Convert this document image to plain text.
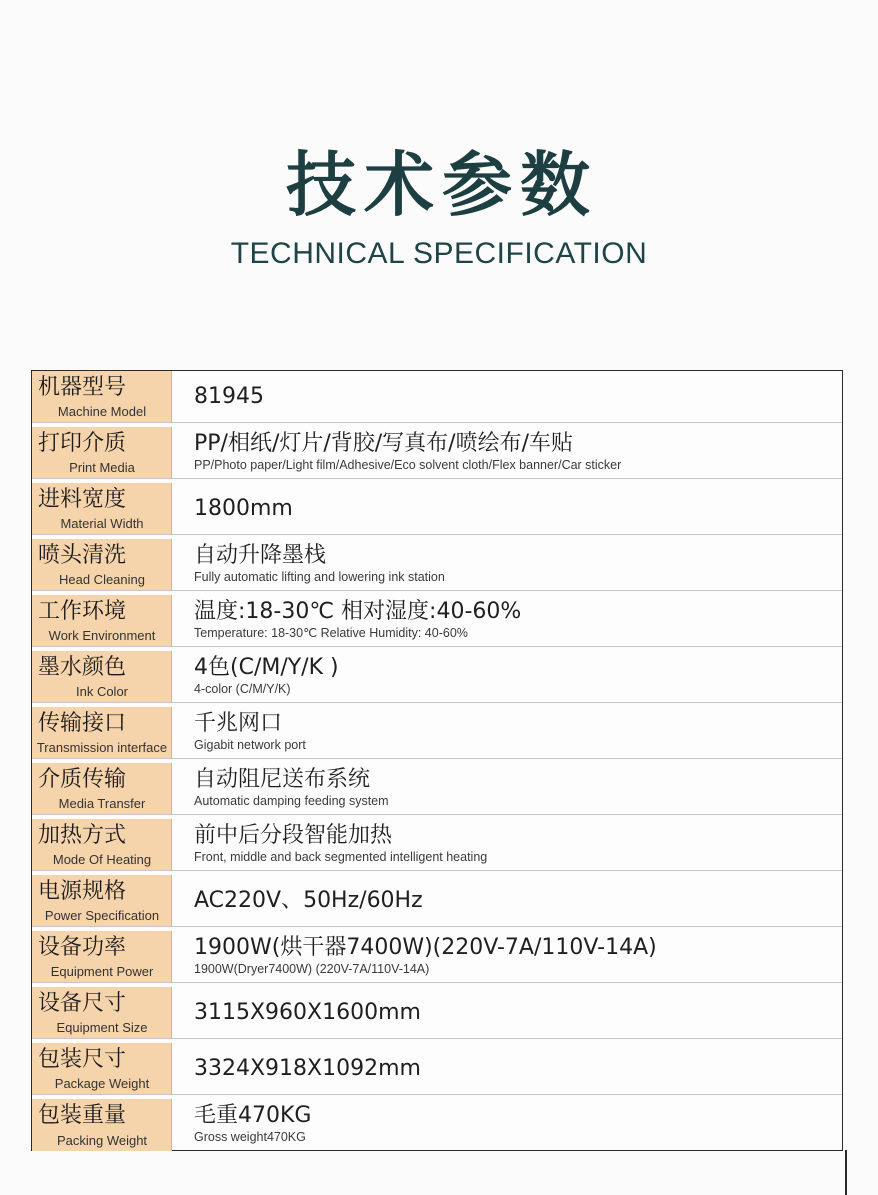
技术参数
TECHNICAL SPECIFICATION
机器型号
Machine Model
81945
打印介质
Print Media
PP/相纸/灯片/背胶/写真布/喷绘布/车贴
PP/Photo paper/Light film/Adhesive/Eco solvent cloth/Flex banner/Car sticker
进料宽度
Material Width
1800mm
喷头清洗
Head Cleaning
自动升降墨栈
Fully automatic lifting and lowering ink station
工作环境
Work Environment
温度:18-30℃ 相对湿度:40-60%
Temperature: 18-30℃ Relative Humidity: 40-60%
墨水颜色
Ink Color
4色(C/M/Y/K )
4-color (C/M/Y/K)
传输接口
Transmission interface
千兆网口
Gigabit network port
介质传输
Media Transfer
自动阻尼送布系统
Automatic damping feeding system
加热方式
Mode Of Heating
前中后分段智能加热
Front, middle and back segmented intelligent heating
电源规格
Power Specification
AC220V、50Hz/60Hz
设备功率
Equipment Power
1900W(烘干器7400W)(220V-7A/110V-14A)
1900W(Dryer7400W) (220V-7A/110V-14A)
设备尺寸
Equipment Size
3115X960X1600mm
包装尺寸
Package Weight
3324X918X1092mm
包装重量
Packing Weight
毛重470KG
Gross weight470KG
